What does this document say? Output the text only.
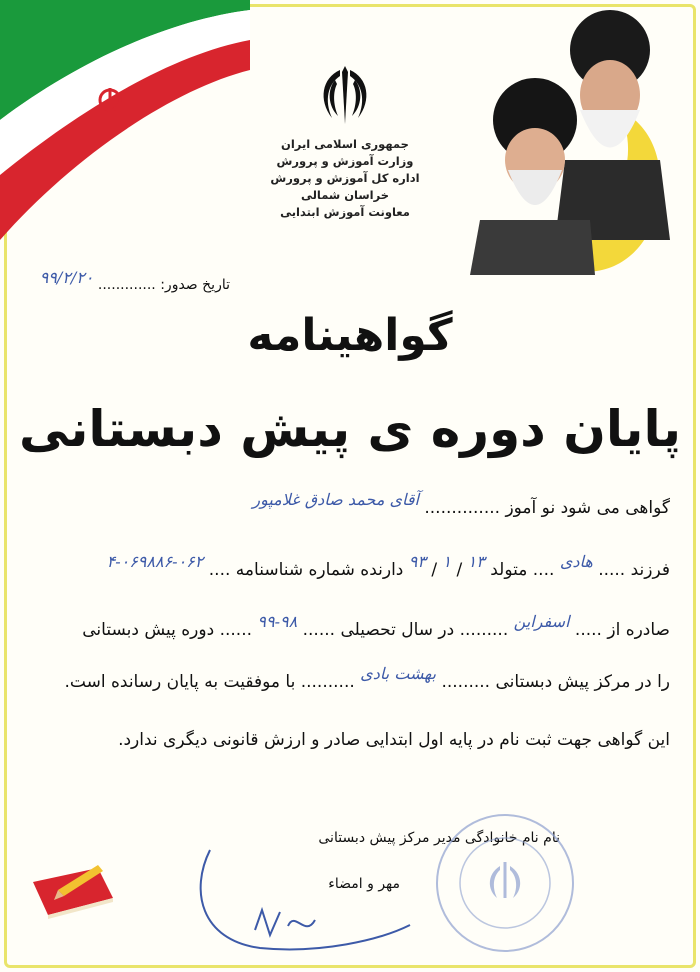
جمهوری اسلامی ایران
وزارت آموزش و پرورش
اداره کل آموزش و پرورش خراسان شمالی
معاونت آموزش ابتدایی
تاریخ صدور: ............. ۹۹/۲/۲۰
گواهینامه
پایان دوره ی پیش دبستانی
گواهی می شود نو آموز .............. آقای محمد صادق غلامپور
فرزند ..... هادی .... متولد ۱۳ / ۱ / ۹۳ دارنده شماره شناسنامه .... ۰۶۲-۰۶۹۸۸۶-۴
صادره از ..... اسفراین ......... در سال تحصیلی ...... ۹۸-۹۹ ...... دوره پیش دبستانی
را در مرکز پیش دبستانی ......... بهشت بادی .......... با موفقیت به پایان رسانده است.
این گواهی جهت ثبت نام در پایه اول ابتدایی صادر و ارزش قانونی دیگری ندارد.
نام نام خانوادگی مدیر مرکز پیش دبستانی
مهر و امضاء
